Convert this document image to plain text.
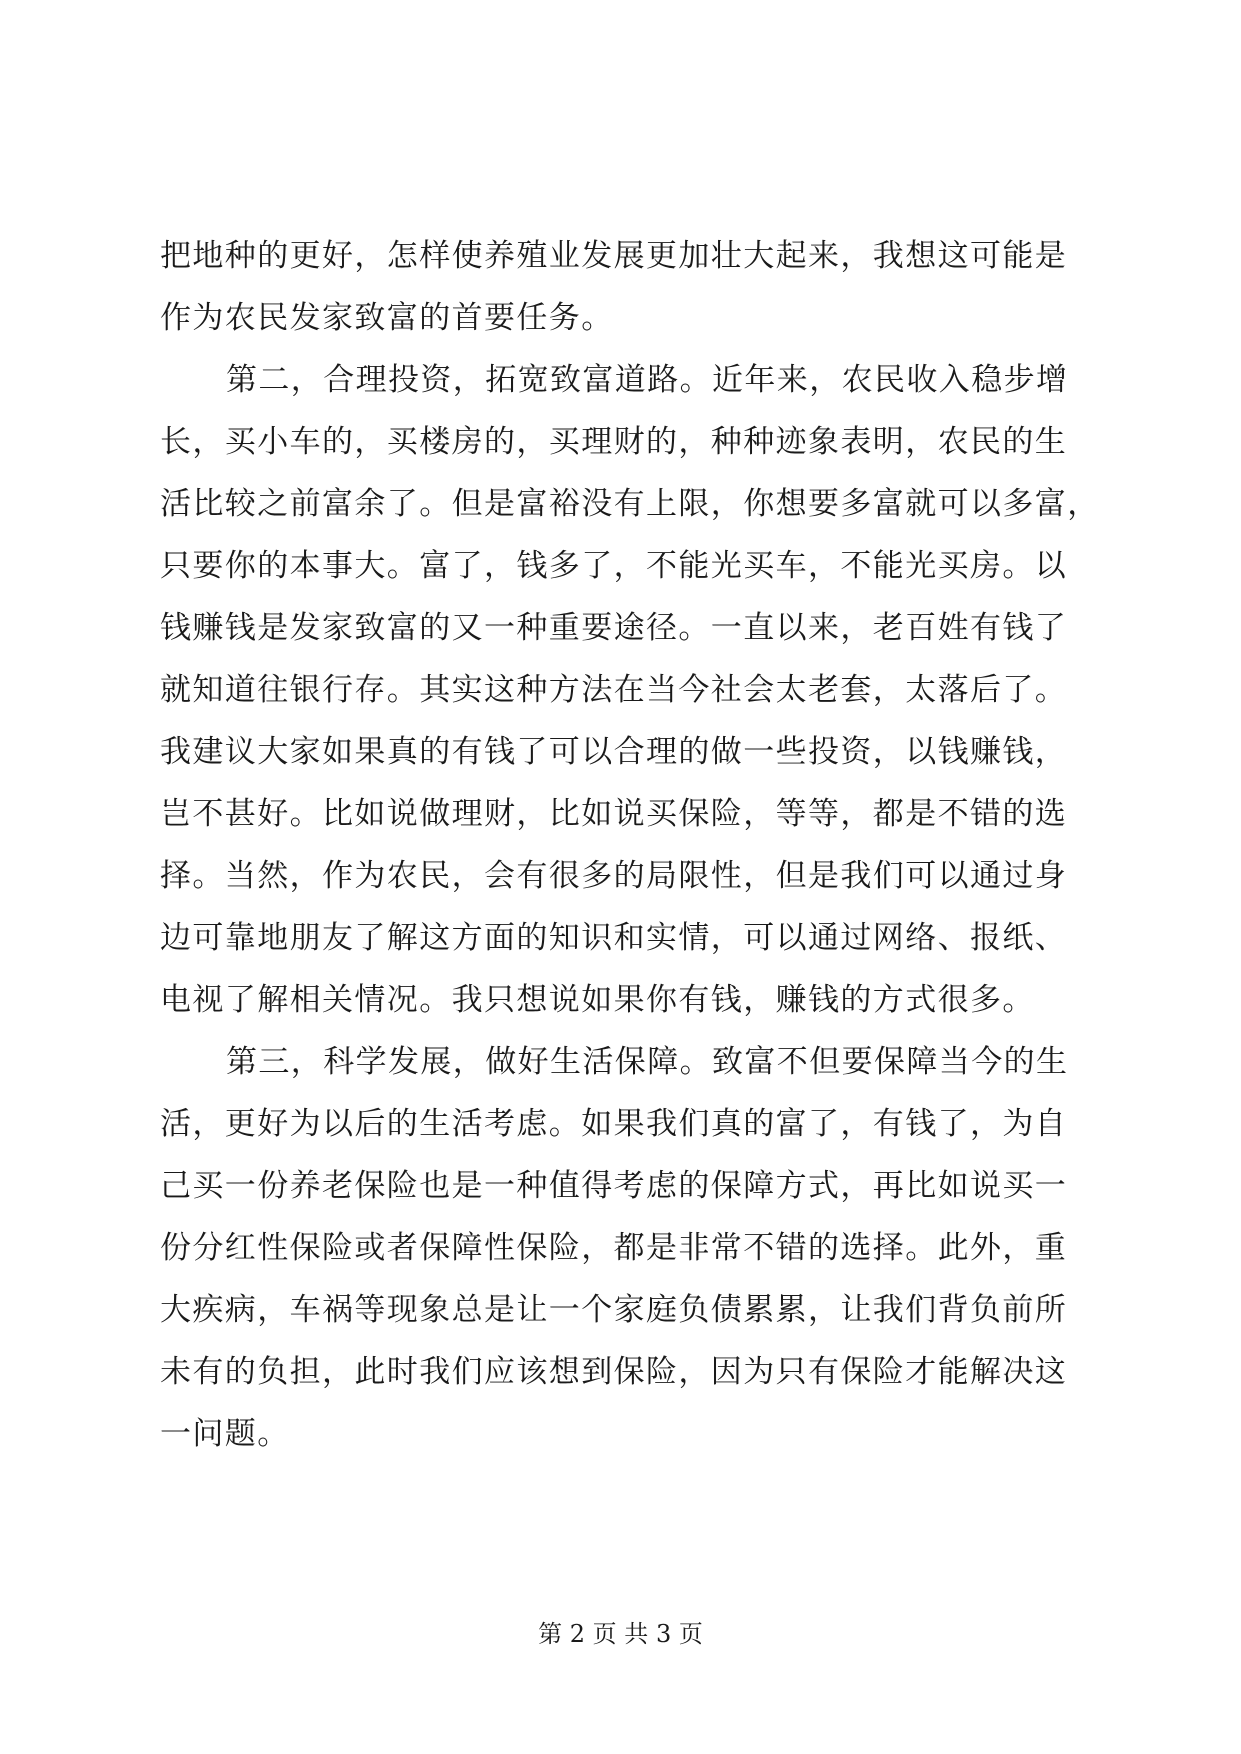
把地种的更好，怎样使养殖业发展更加壮大起来，我想这可能是
作为农民发家致富的首要任务。
第二，合理投资，拓宽致富道路。近年来，农民收入稳步增
长，买小车的，买楼房的，买理财的，种种迹象表明，农民的生
活比较之前富余了。但是富裕没有上限，你想要多富就可以多富，
只要你的本事大。富了，钱多了，不能光买车，不能光买房。以
钱赚钱是发家致富的又一种重要途径。一直以来，老百姓有钱了
就知道往银行存。其实这种方法在当今社会太老套，太落后了。
我建议大家如果真的有钱了可以合理的做一些投资，以钱赚钱，
岂不甚好。比如说做理财，比如说买保险，等等，都是不错的选
择。当然，作为农民，会有很多的局限性，但是我们可以通过身
边可靠地朋友了解这方面的知识和实情，可以通过网络、报纸、
电视了解相关情况。我只想说如果你有钱，赚钱的方式很多。
第三，科学发展，做好生活保障。致富不但要保障当今的生
活，更好为以后的生活考虑。如果我们真的富了，有钱了，为自
己买一份养老保险也是一种值得考虑的保障方式，再比如说买一
份分红性保险或者保障性保险，都是非常不错的选择。此外，重
大疾病，车祸等现象总是让一个家庭负债累累，让我们背负前所
未有的负担，此时我们应该想到保险，因为只有保险才能解决这
一问题。
第 2 页 共 3 页
